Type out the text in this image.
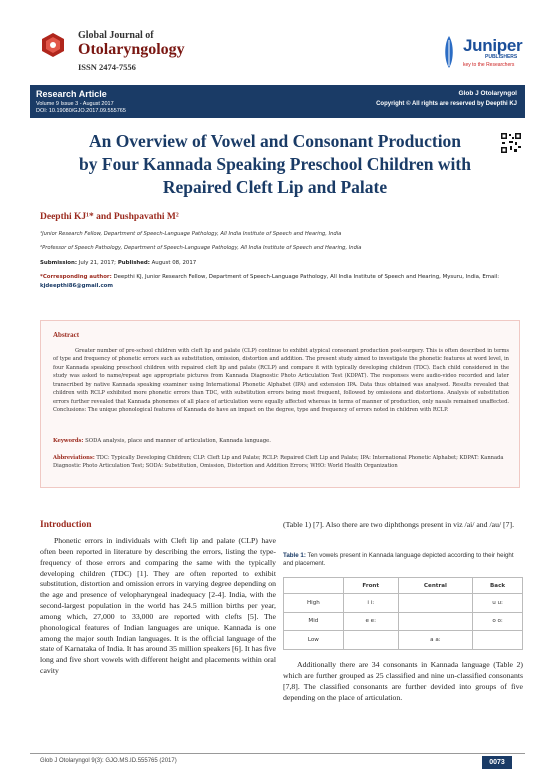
Global Journal of
Otolaryngology
ISSN 2474-7556
Juniper
PUBLISHERS
key to the Researchers
Research Article
Volume 9 Issue 3 - August 2017
DOI: 10.19080/GJO.2017.09.555765
Glob J Otolaryngol
Copyright © All rights are reserved by Deepthi KJ
An Overview of Vowel and Consonant Production
by Four Kannada Speaking Preschool Children with
Repaired Cleft Lip and Palate
Deepthi KJ¹* and Pushpavathi M²
¹Junior Research Fellow, Department of Speech-Language Pathology, All India Institute of Speech and Hearing, India
²Professor of Speech Pathology, Department of Speech-Language Pathology, All India Institute of Speech and Hearing, India
Submission: July 21, 2017; Published: August 08, 2017
*Corresponding author: Deepthi KJ, Junior Research Fellow, Department of Speech-Language Pathology, All India Institute of Speech and Hearing, Mysuru, India, Email: kjdeepthi86@gmail.com
Abstract
Greater number of pre-school children with cleft lip and palate (CLP) continue to exhibit atypical consonant production post-surgery. This is often described in terms of type and frequency of phonetic errors such as substitution, omission, distortion and addition. The present study aimed to investigate the phonetic features at word level, in four Kannada speaking preschool children with repaired cleft lip and palate (RCLP) and compare it with typically developing children (TDC). Each child considered in the study was asked to name/repeat age appropriate pictures from Kannada Diagnostic Photo Articulation Test (KDPAT). The responses were audio-video recorded and later transcribed by native Kannada speaking examiner using International Phonetic Alphabet (IPA) and extension IPA. Data thus obtained was analysed. Results revealed that children with RCLP exhibited more phonetic errors than TDC, with substitution errors being most frequent, followed by omissions and distortions. Analysis of substitution errors further revealed that Kannada phonemes of all place of articulation were equally affected whereas in terms of manner of production, only nasals remained unaffected. Conclusions: The unique phonological features of Kannada do have an impact on the degree, type and frequency of errors noted in children with RCLP.
Keywords: SODA analysis, place and manner of articulation, Kannada language.
Abbreviations: TDC: Typically Developing Children; CLP: Cleft Lip and Palate; RCLP: Repaired Cleft Lip and Palate; IPA: International Phonetic Alphabet; KDPAT: Kannada Diagnostic Photo Articulation Test; SODA: Substitution, Omission, Distortion and Addition Errors; WHO: World Health Organization
Introduction
Phonetic errors in individuals with Cleft lip and palate (CLP) have often been reported in literature by describing the errors, listing the type-frequency of those errors and comparing the same with the typically developing children (TDC) [1]. They are often reported to exhibit substitution, distortion and omission errors in varying degree depending on the age and presence of velopharyngeal inadequacy [2-4]. India, with the second-largest population in the world has 24.5 million births per year, among which, 27,000 to 33,000 are reported with clefts [5]. The phonological features of Indian languages are unique. Kannada is one among the major south Indian languages. It is the official language of the state of Karnataka of India. It has around 35 million speakers [6]. It has five long and five short vowels with different height and placements within oral cavity
(Table 1) [7]. Also there are two diphthongs present in viz /ai/ and /au/ [7].
Table 1: Ten vowels present in Kannada language depicted according to their height and placement.
	Front	Central	Back
High	i i:		u u:
Mid	e e:		o o:
Low		a a:	
Additionally there are 34 consonants in Kannada language (Table 2) which are further grouped as 25 classified and nine un-classified consonants [7,8]. The classified consonants are further devided into groups of five depending on the place of articulation.
Glob J Otolaryngol 9(3): GJO.MS.ID.555765 (2017)	0073
